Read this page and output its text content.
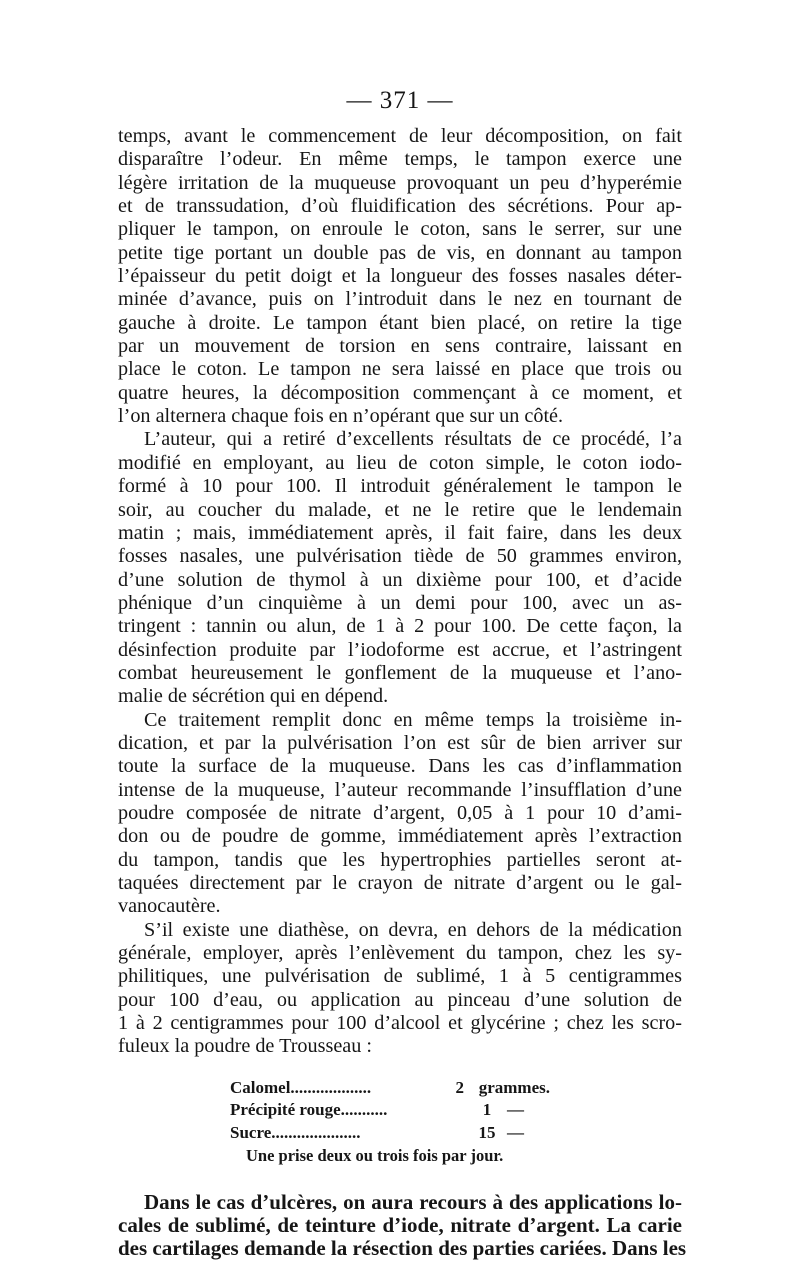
— 371 —

temps, avant le commencement de leur décomposition, on fait
disparaître l’odeur. En même temps, le tampon exerce une
légère irritation de la muqueuse provoquant un peu d’hyperémie
et de transsudation, d’où fluidification des sécrétions. Pour ap-
pliquer le tampon, on enroule le coton, sans le serrer, sur une
petite tige portant un double pas de vis, en donnant au tampon
l’épaisseur du petit doigt et la longueur des fosses nasales déter-
minée d’avance, puis on l’introduit dans le nez en tournant de
gauche à droite. Le tampon étant bien placé, on retire la tige
par un mouvement de torsion en sens contraire, laissant en
place le coton. Le tampon ne sera laissé en place que trois ou
quatre heures, la décomposition commençant à ce moment, et
l’on alternera chaque fois en n’opérant que sur un côté.

L’auteur, qui a retiré d’excellents résultats de ce procédé, l’a
modifié en employant, au lieu de coton simple, le coton iodo-
formé à 10 pour 100. Il introduit généralement le tampon le
soir, au coucher du malade, et ne le retire que le lendemain
matin ; mais, immédiatement après, il fait faire, dans les deux
fosses nasales, une pulvérisation tiède de 50 grammes environ,
d’une solution de thymol à un dixième pour 100, et d’acide
phénique d’un cinquième à un demi pour 100, avec un as-
tringent : tannin ou alun, de 1 à 2 pour 100. De cette façon, la
désinfection produite par l’iodoforme est accrue, et l’astringent
combat heureusement le gonflement de la muqueuse et l’ano-
malie de sécrétion qui en dépend.

Ce traitement remplit donc en même temps la troisième in-
dication, et par la pulvérisation l’on est sûr de bien arriver sur
toute la surface de la muqueuse. Dans les cas d’inflammation
intense de la muqueuse, l’auteur recommande l’insufflation d’une
poudre composée de nitrate d’argent, 0,05 à 1 pour 10 d’ami-
don ou de poudre de gomme, immédiatement après l’extraction
du tampon, tandis que les hypertrophies partielles seront at-
taquées directement par le crayon de nitrate d’argent ou le gal-
vanocautère.

S’il existe une diathèse, on devra, en dehors de la médication
générale, employer, après l’enlèvement du tampon, chez les sy-
philitiques, une pulvérisation de sublimé, 1 à 5 centigrammes
pour 100 d’eau, ou application au pinceau d’une solution de
1 à 2 centigrammes pour 100 d’alcool et glycérine ; chez les scro-
fuleux la poudre de Trousseau :

Calomel...................	2 grammes.
Précipité rouge...........	1 —
Sucre.....................	15 —
Une prise deux ou trois fois par jour.
Dans le cas d’ulcères, on aura recours à des applications lo-
cales de sublimé, de teinture d’iode, nitrate d’argent. La carie
des cartilages demande la résection des parties cariées. Dans les
